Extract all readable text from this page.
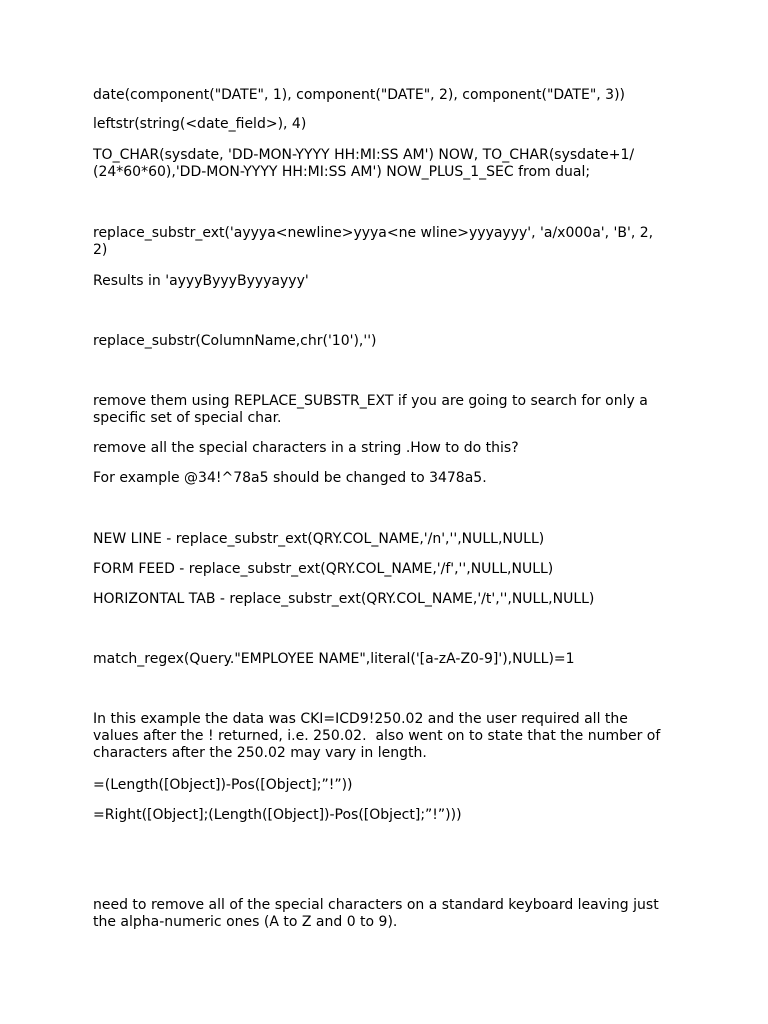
date(component("DATE", 1), component("DATE", 2), component("DATE", 3))

leftstr(string(<date_field>), 4)

TO_CHAR(sysdate, 'DD-MON-YYYY HH:MI:SS AM') NOW, TO_CHAR(sysdate+1/
(24*60*60),'DD-MON-YYYY HH:MI:SS AM') NOW_PLUS_1_SEC from dual;

replace_substr_ext('ayyya<newline>yyya<ne wline>yyyayyy', 'a/x000a', 'B', 2,
2)

Results in 'ayyyByyyByyyayyy'

replace_substr(ColumnName,chr('10'),'')

remove them using REPLACE_SUBSTR_EXT if you are going to search for only a
specific set of special char.

remove all the special characters in a string .How to do this?

For example @34!^78a5 should be changed to 3478a5.

NEW LINE - replace_substr_ext(QRY.COL_NAME,'/n','',NULL,NULL)

FORM FEED - replace_substr_ext(QRY.COL_NAME,'/f','',NULL,NULL)

HORIZONTAL TAB - replace_substr_ext(QRY.COL_NAME,'/t','',NULL,NULL)

match_regex(Query."EMPLOYEE NAME",literal('[a-zA-Z0-9]'),NULL)=1

In this example the data was CKI=ICD9!250.02 and the user required all the
values after the ! returned, i.e. 250.02.  also went on to state that the number of
characters after the 250.02 may vary in length.

=(Length([Object])-Pos([Object];”!”))

=Right([Object];(Length([Object])-Pos([Object];”!”)))

need to remove all of the special characters on a standard keyboard leaving just
the alpha-numeric ones (A to Z and 0 to 9).
